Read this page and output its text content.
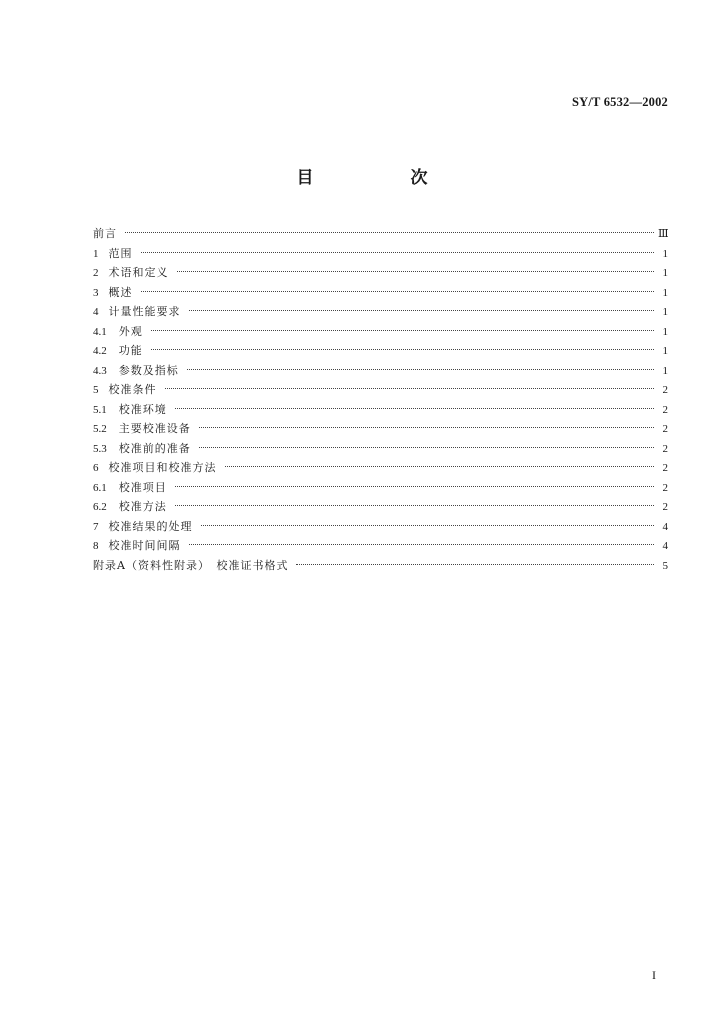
SY/T 6532—2002
目　次
前言	Ⅲ
1 范围	1
2 术语和定义	1
3 概述	1
4 计量性能要求	1
4.1 外观	1
4.2 功能	1
4.3 参数及指标	1
5 校准条件	2
5.1 校准环境	2
5.2 主要校准设备	2
5.3 校准前的准备	2
6 校准项目和校准方法	2
6.1 校准项目	2
6.2 校准方法	2
7 校准结果的处理	4
8 校准时间间隔	4
附录A（资料性附录）　校准证书格式	5
I
